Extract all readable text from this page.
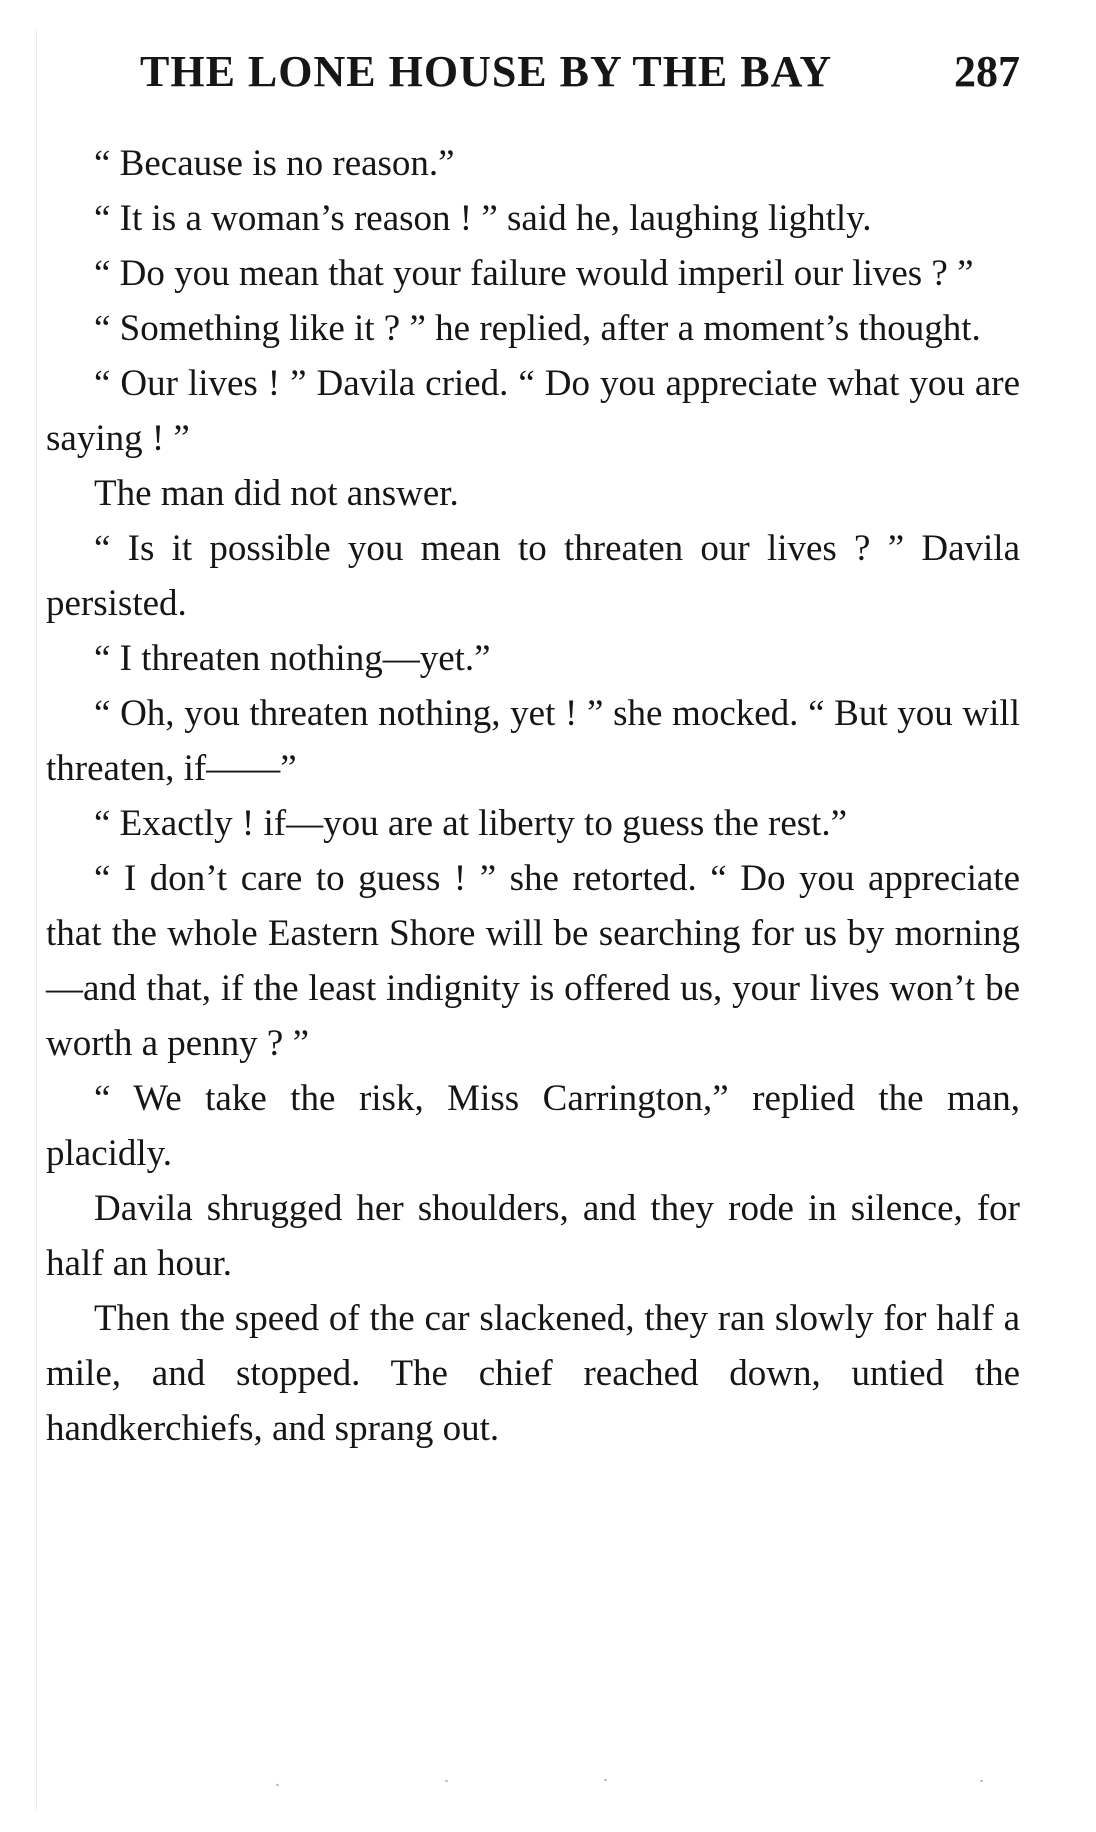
THE LONE HOUSE BY THE BAY	287

“ Because is no reason.”

“ It is a woman’s reason ! ” said he, laughing lightly.

“ Do you mean that your failure would imperil our lives ? ”

“ Something like it ? ” he replied, after a moment’s thought.

“ Our lives ! ” Davila cried. “ Do you appreciate what you are saying ! ”

The man did not answer.

“ Is it possible you mean to threaten our lives ? ” Davila persisted.

“ I threaten nothing—yet.”

“ Oh, you threaten nothing, yet ! ” she mocked. “ But you will threaten, if——”

“ Exactly ! if—you are at liberty to guess the rest.”

“ I don’t care to guess ! ” she retorted. “ Do you appreciate that the whole Eastern Shore will be searching for us by morning—and that, if the least indignity is offered us, your lives won’t be worth a penny ? ”

“ We take the risk, Miss Carrington,” replied the man, placidly.

Davila shrugged her shoulders, and they rode in silence, for half an hour.

Then the speed of the car slackened, they ran slowly for half a mile, and stopped. The chief reached down, untied the handkerchiefs, and sprang out.
